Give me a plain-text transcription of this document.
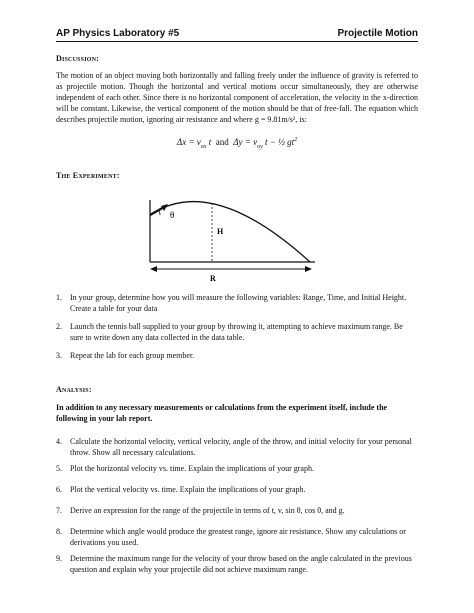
AP Physics Laboratory #5	Projectile Motion
Discussion:
The motion of an object moving both horizontally and falling freely under the influence of gravity is referred to as projectile motion. Though the horizontal and vertical motions occur simultaneously, they are otherwise independent of each other. Since there is no horizontal component of acceleration, the velocity in the x-direction will be constant. Likewise, the vertical component of the motion should be that of free-fall. The equation which describes projectile motion, ignoring air resistance and where g = 9.81m/s², is:
$\Delta x = v_{ox}$ t and $\Delta y = v_{oy}$ t − ½ $gt^2$
The Experiment:
θ
H
R
1. In your group, determine how you will measure the following variables: Range, Time, and Initial Height. Create a table for your data
2. Launch the tennis ball supplied to your group by throwing it, attempting to achieve maximum range. Be sure to write down any data collected in the data table.
3. Repeat the lab for each group member.
Analysis:
In addition to any necessary measurements or calculations from the experiment itself, include the following in your lab report.
4. Calculate the horizontal velocity, vertical velocity, angle of the throw, and initial velocity for your personal throw. Show all necessary calculations.
5. Plot the horizontal velocity vs. time. Explain the implications of your graph.
6. Plot the vertical velocity vs. time. Explain the implications of your graph.
7. Derive an expression for the range of the projectile in terms of t, v, sin θ, cos θ, and g.
8. Determine which angle would produce the greatest range, ignore air resistance. Show any calculations or derivations you used.
9. Determine the maximum range for the velocity of your throw based on the angle calculated in the previous question and explain why your projectile did not achieve maximum range.
